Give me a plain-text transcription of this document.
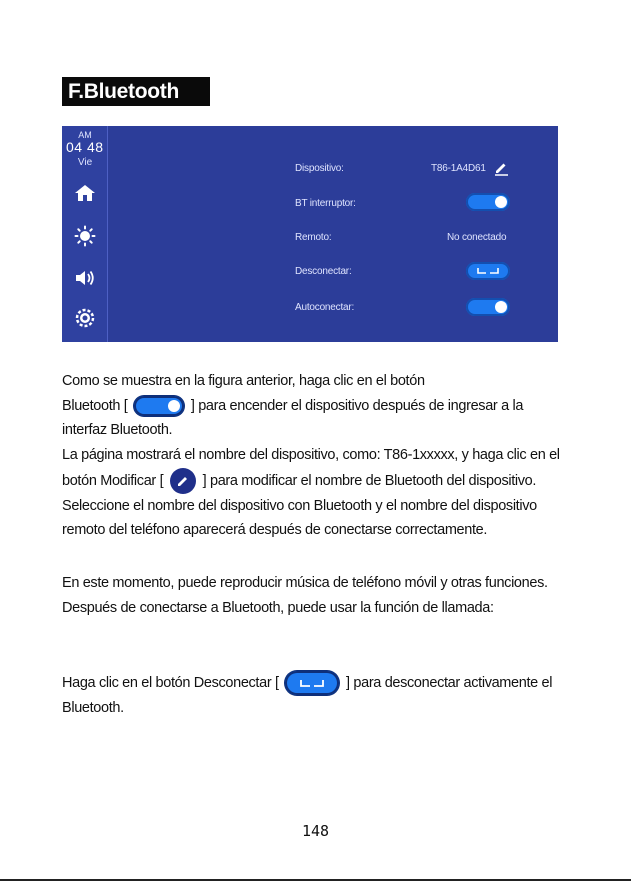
F.Bluetooth
AM
04 48
Vie
Dispositivo:	T86-1A4D61
BT interruptor:
Remoto:	No conectado
Desconectar:
Autoconectar:
Como se muestra en la figura anterior, haga clic en el botón
Bluetooth [	] para encender el dispositivo después de ingresar a la interfaz Bluetooth.
La página mostrará el nombre del dispositivo, como: T86-1xxxxx, y haga clic en el botón Modificar [	] para modificar el nombre de Bluetooth del dispositivo. Seleccione el nombre del dispositivo con Bluetooth y el nombre del dispositivo remoto del teléfono aparecerá después de conectarse correctamente.
En este momento, puede reproducir música de teléfono móvil y otras funciones. Después de conectarse a Bluetooth, puede usar la función de llamada:
Haga clic en el botón Desconectar [	] para desconectar activamente el Bluetooth.
148
